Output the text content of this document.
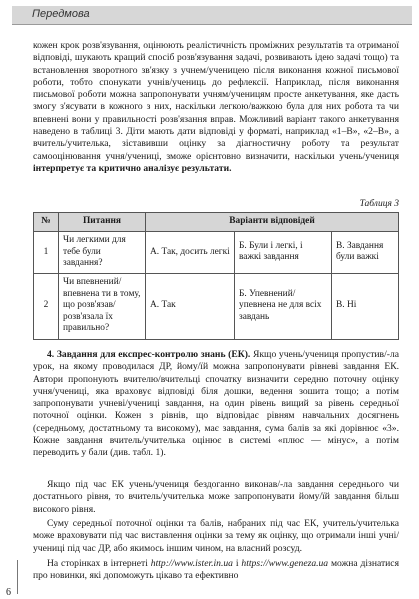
Передмова

кожен крок розв'язування, оцінюють реалістичність проміжних результатів та отриманої відповіді, шукають кращий спосіб розв'язування задачі, розвивають ідею задачі тощо) та встановлення зворотного зв'язку з учнем/ученицею після виконання кожної письмової роботи, тобто спонукати учнів/учениць до рефлексії. Наприклад, після виконання письмової роботи можна запропонувати учням/ученицям просте анкетування, яке дасть змогу з'ясувати в кожного з них, наскільки легкою/важкою була для них робота та чи впевнені вони у правильності розв'язання вправ. Можливий варіант такого анкетування наведено в таблиці 3. Діти мають дати відповіді у форматі, наприклад «1–В», «2–В», а вчитель/учителька, зіставивши оцінку за діагностичну роботу та результат самооцінювання учня/учениці, зможе орієнтовно визначити, наскільки учень/учениця інтерпретує та критично аналізує результати.

Таблиця 3
№	Питання	Варіанти відповідей		
1	Чи легкими для тебе були завдання?	А. Так, досить легкі	Б. Були і легкі, і важкі завдання	В. Завдання були важкі
2	Чи впевнений/ впевнена ти в тому, що розв'язав/ розв'язала їх правильно?	А. Так	Б. Упевнений/ упевнена не для всіх завдань	В. Ні

4. Завдання для експрес-контролю знань (ЕК). Якщо учень/учениця пропустив/-ла урок, на якому проводилася ДР, йому/їй можна запропонувати рівневі завдання ЕК. Автори пропонують вчителю/вчительці спочатку визначити середню поточну оцінку учня/учениці, яка враховує відповіді біля дошки, ведення зошита тощо; а потім запропонувати учневі/учениці завдання, на один рівень вищий за рівень середньої поточної оцінки. Кожен з рівнів, що відповідає рівням навчальних досягнень (середньому, достатньому та високому), має завдання, сума балів за які дорівнює «3». Кожне завдання вчитель/учителька оцінює в системі «плюс — мінус», а потім переводить у бали (див. табл. 1).

Якщо під час ЕК учень/учениця бездоганно виконав/-ла завдання середнього чи достатнього рівня, то вчитель/учителька може запропонувати йому/їй завдання більш високого рівня.

Суму середньої поточної оцінки та балів, набраних під час ЕК, учитель/учителька може враховувати під час виставлення оцінки за тему як оцінку, що отримали інші учні/учениці під час ДР, або якимось іншим чином, на власний розсуд.

На сторінках в інтернеті http://www.ister.in.ua і https://www.geneza.ua можна дізнатися про новинки, які допоможуть цікаво та ефективно

6
